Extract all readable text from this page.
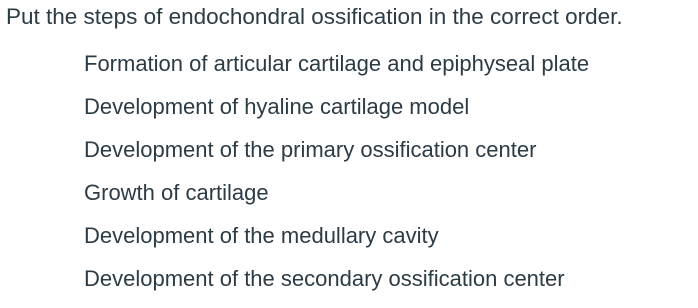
Put the steps of endochondral ossification in the correct order.
Formation of articular cartilage and epiphyseal plate
Development of hyaline cartilage model
Development of the primary ossification center
Growth of cartilage
Development of the medullary cavity
Development of the secondary ossification center
